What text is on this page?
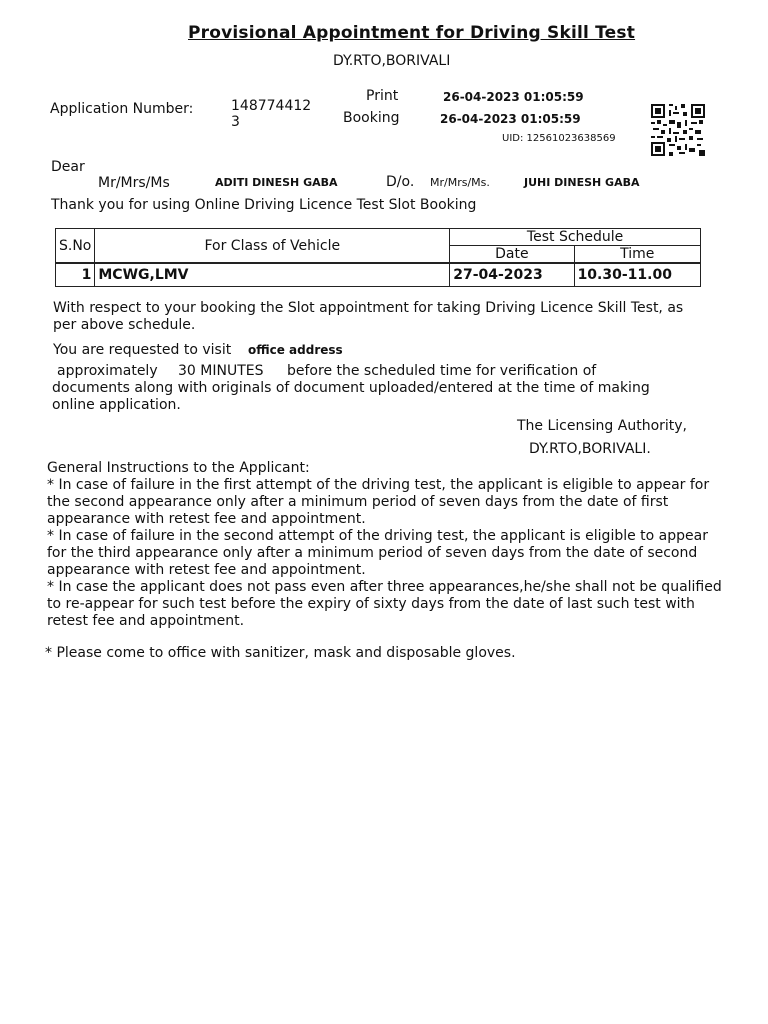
Provisional Appointment for Driving Skill Test
DY.RTO,BORIVALI
Application Number:	148774412
3
Print	26-04-2023 01:05:59
Booking	26-04-2023 01:05:59
UID: 12561023638569
Dear
Mr/Mrs/Ms	ADITI DINESH GABA	D/o. Mr/Mrs/Ms.	JUHI DINESH GABA
Thank you for using Online Driving Licence Test Slot Booking
S.No	For Class of Vehicle	Test Schedule	
		Date	Time
1	MCWG,LMV	27-04-2023	10.30-11.00
With respect to your booking the Slot appointment for taking Driving Licence Skill Test, as per above schedule.
You are requested to visit office address
approximately 30 MINUTES before the scheduled time for verification of
documents along with originals of document uploaded/entered at the time of making online application.
The Licensing Authority,
DY.RTO,BORIVALI.
General Instructions to the Applicant:
* In case of failure in the first attempt of the driving test, the applicant is eligible to appear for the second appearance only after a minimum period of seven days from the date of first appearance with retest fee and appointment.
* In case of failure in the second attempt of the driving test, the applicant is eligible to appear for the third appearance only after a minimum period of seven days from the date of second appearance with retest fee and appointment.
* In case the applicant does not pass even after three appearances,he/she shall not be qualified to re-appear for such test before the expiry of sixty days from the date of last such test with retest fee and appointment.
* Please come to office with sanitizer, mask and disposable gloves.
